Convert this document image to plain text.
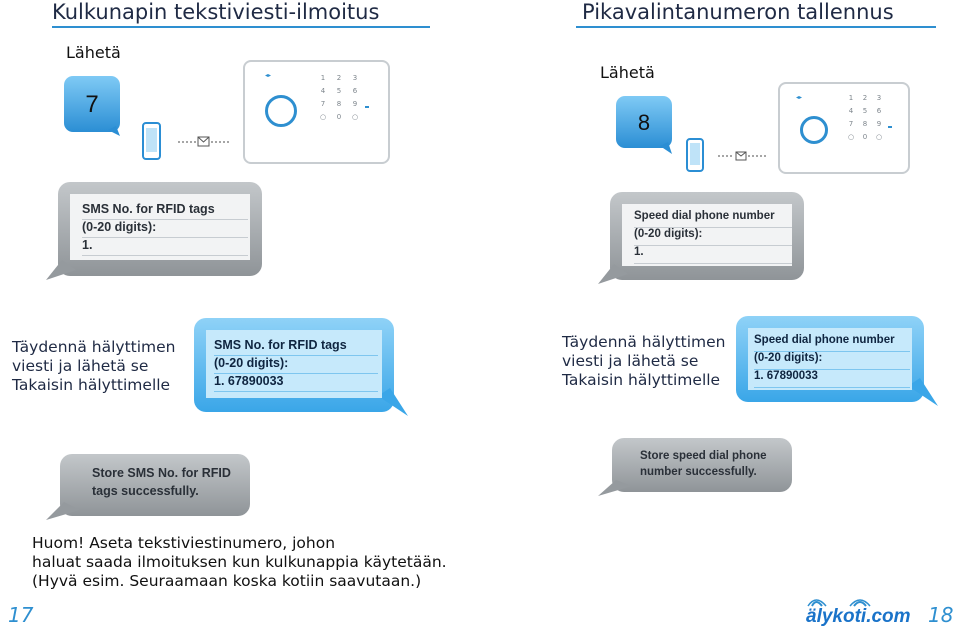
Kulkunapin tekstiviesti-ilmoitus
Lähetä
7
◂▸	1	2	3
4	5	6
7	8	9
○	0	○
SMS No. for RFID tags
(0-20 digits):
1.
Täydennä hälyttimen
viesti ja lähetä se
Takaisin hälyttimelle
SMS No. for RFID tags
(0-20 digits):
1. 67890033
Store SMS No. for RFID
tags successfully.
Pikavalintanumeron tallennus
Lähetä
8
◂▸	1	2	3
4	5	6
7	8	9
○	0	○
Speed dial phone number
(0-20 digits):
1.
Täydennä hälyttimen
viesti ja lähetä se
Takaisin hälyttimelle
Speed dial phone number
(0-20 digits):
1. 67890033
Store speed dial phone
number successfully.
Huom! Aseta tekstiviestinumero, johon
haluat saada ilmoituksen kun kulkunappia käytetään.
(Hyvä esim. Seuraamaan koska kotiin saavutaan.)
17	18
älykoti.com
